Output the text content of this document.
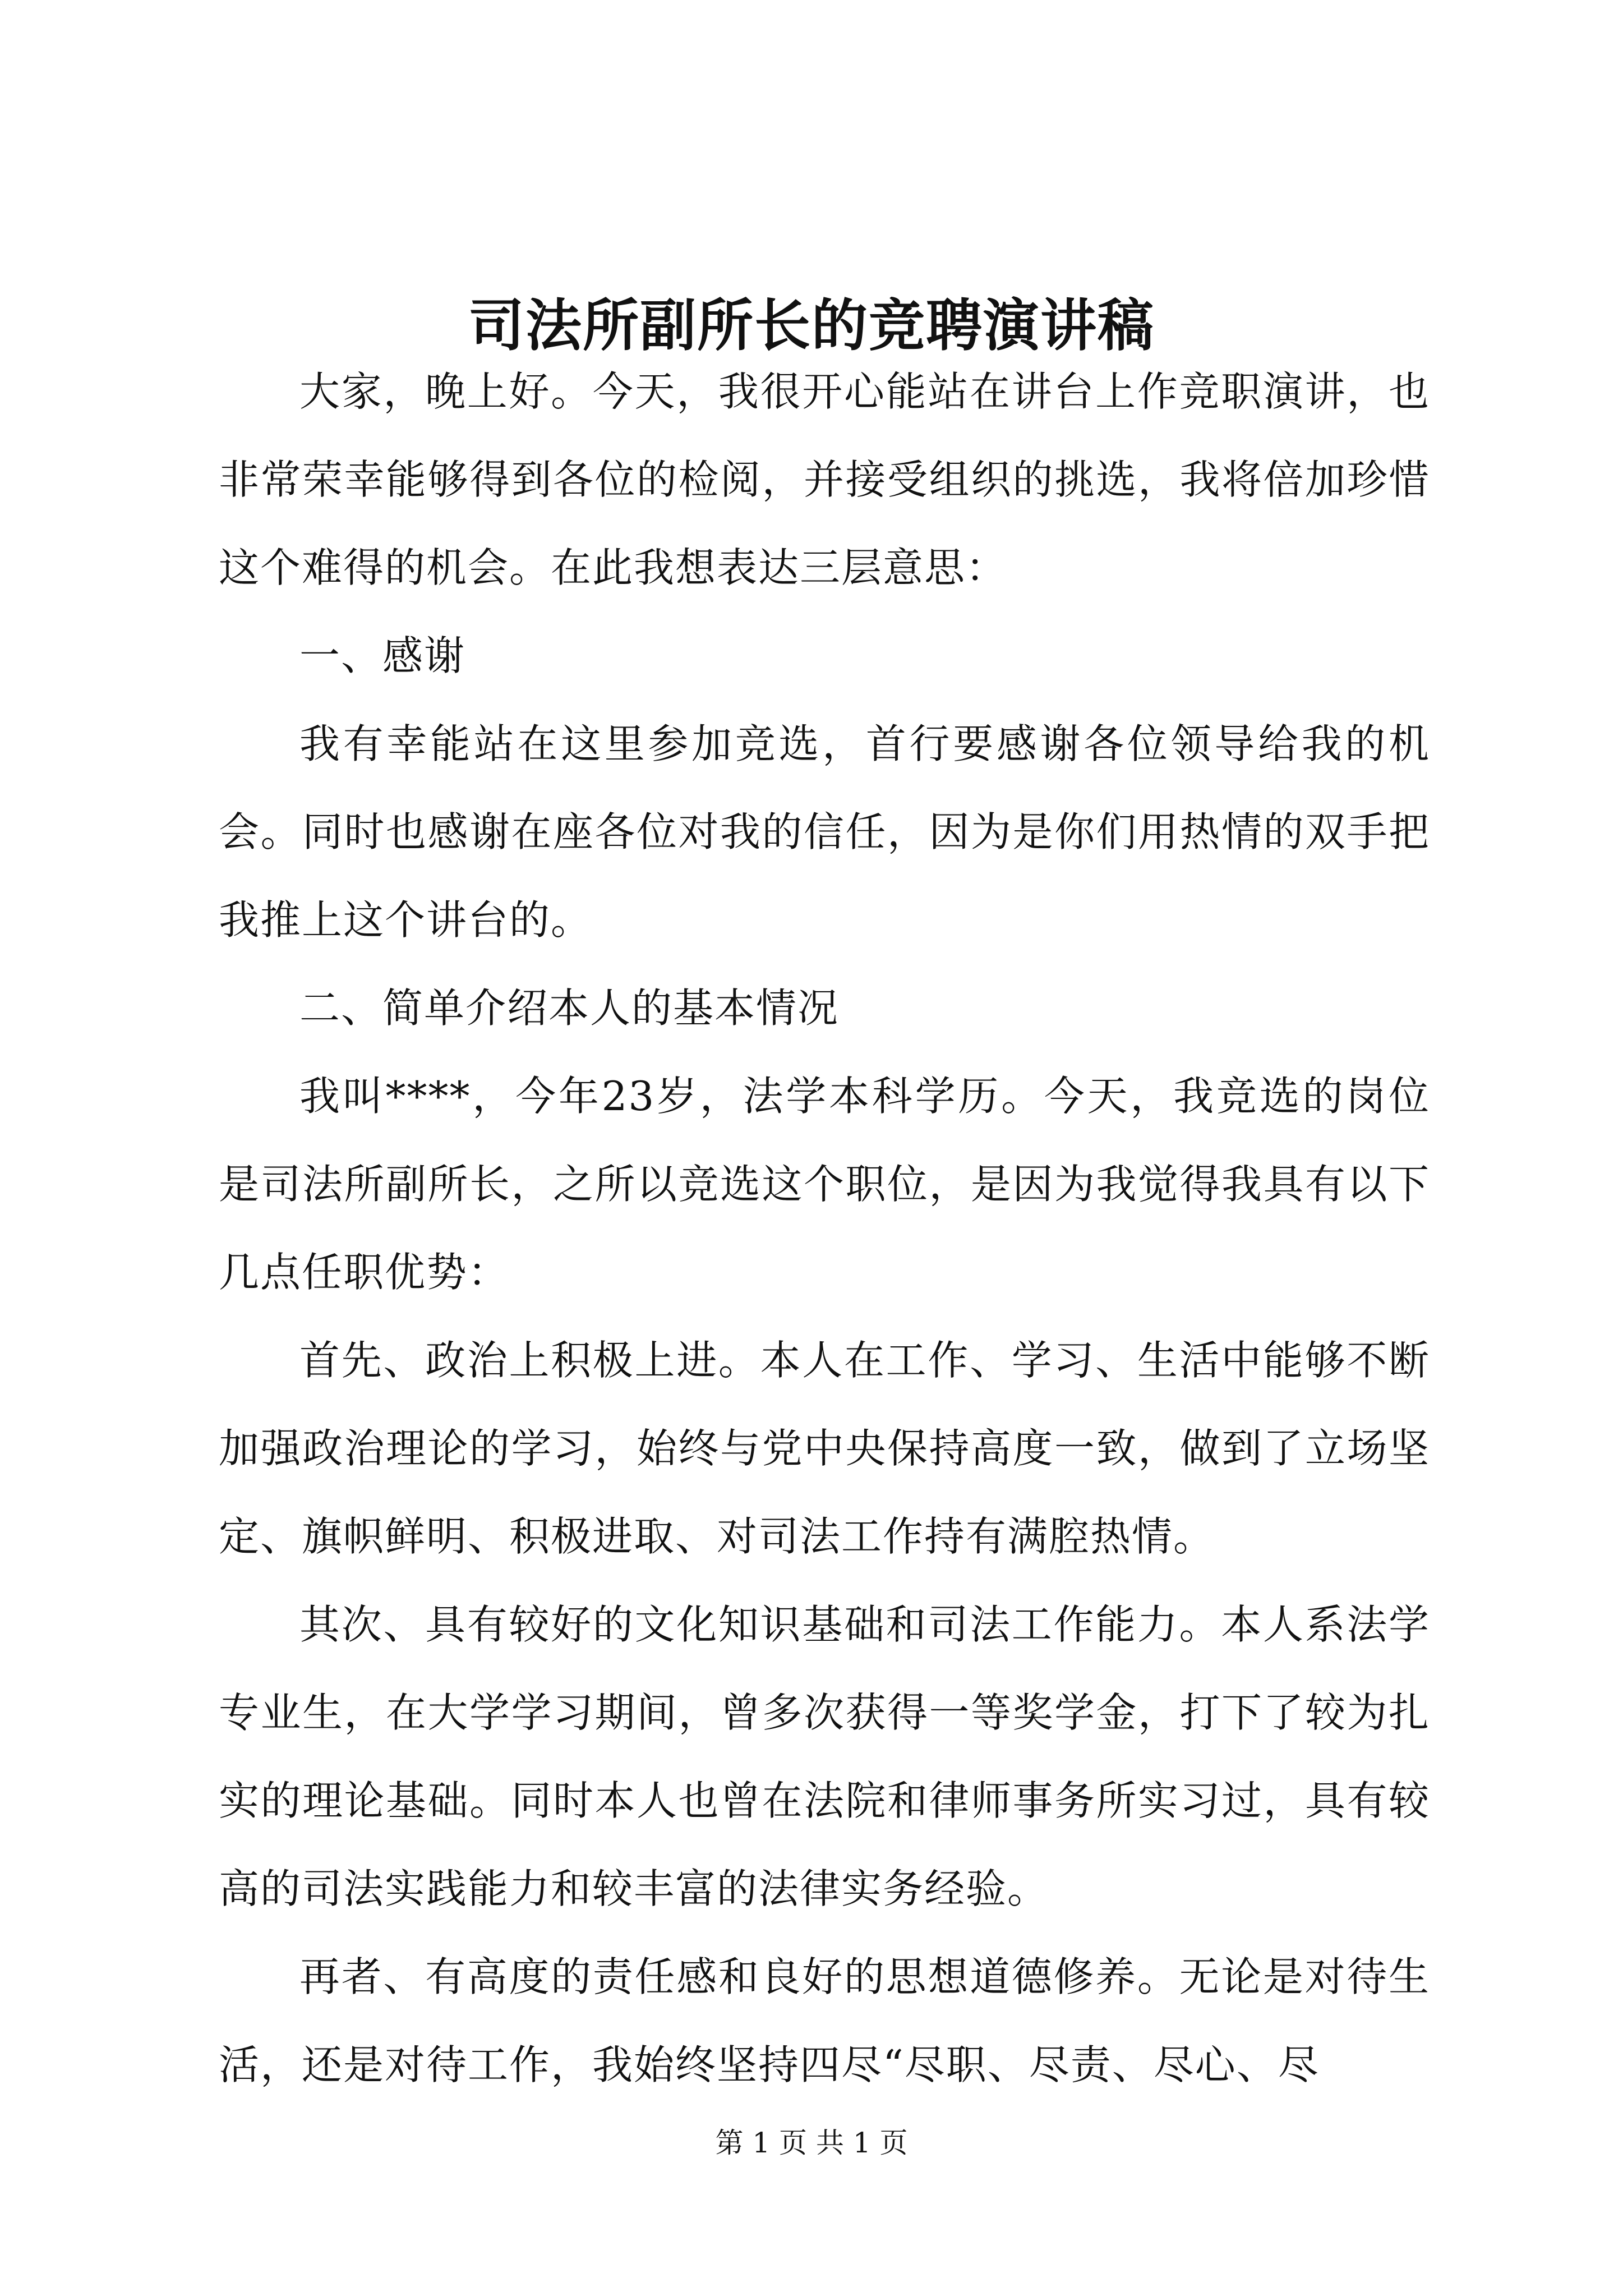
司法所副所长的竞聘演讲稿

大家，晚上好。今天，我很开心能站在讲台上作竞职演讲，也非常荣幸能够得到各位的检阅，并接受组织的挑选，我将倍加珍惜这个难得的机会。在此我想表达三层意思：

一、感谢

我有幸能站在这里参加竞选，首行要感谢各位领导给我的机会。同时也感谢在座各位对我的信任，因为是你们用热情的双手把我推上这个讲台的。

二、简单介绍本人的基本情况

我叫****，今年23岁，法学本科学历。今天，我竞选的岗位是司法所副所长，之所以竞选这个职位，是因为我觉得我具有以下几点任职优势：

首先、政治上积极上进。本人在工作、学习、生活中能够不断加强政治理论的学习，始终与党中央保持高度一致，做到了立场坚定、旗帜鲜明、积极进取、对司法工作持有满腔热情。

其次、具有较好的文化知识基础和司法工作能力。本人系法学专业生，在大学学习期间，曾多次获得一等奖学金，打下了较为扎实的理论基础。同时本人也曾在法院和律师事务所实习过，具有较高的司法实践能力和较丰富的法律实务经验。

再者、有高度的责任感和良好的思想道德修养。无论是对待生活，还是对待工作，我始终坚持四尽“尽职、尽责、尽心、尽

第 1 页 共 1 页
